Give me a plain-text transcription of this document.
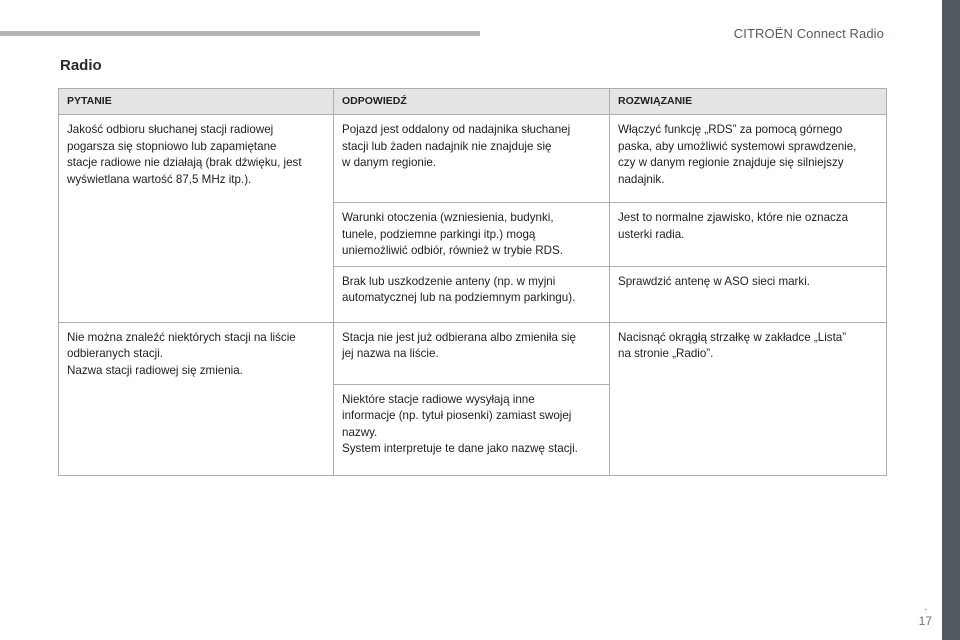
CITROËN Connect Radio
Radio
PYTANIE	ODPOWIEDŹ	ROZWIĄZANIE

Jakość odbioru słuchanej stacji radiowej
pogarsza się stopniowo lub zapamiętane
stacje radiowe nie działają (brak dźwięku, jest
wyświetlana wartość 87,5 MHz itp.).	Pojazd jest oddalony od nadajnika słuchanej
stacji lub żaden nadajnik nie znajduje się
w danym regionie.	Włączyć funkcję „RDS” za pomocą górnego
paska, aby umożliwić systemowi sprawdzenie,
czy w danym regionie znajduje się silniejszy
nadajnik.

	Warunki otoczenia (wzniesienia, budynki,
tunele, podziemne parkingi itp.) mogą
uniemożliwić odbiór, również w trybie RDS.	Jest to normalne zjawisko, które nie oznacza
usterki radia.

	Brak lub uszkodzenie anteny (np. w myjni
automatycznej lub na podziemnym parkingu).	Sprawdzić antenę w ASO sieci marki.

Nie można znaleźć niektórych stacji na liście
odbieranych stacji.
Nazwa stacji radiowej się zmienia.	Stacja nie jest już odbierana albo zmieniła się
jej nazwa na liście.	Nacisnąć okrągłą strzałkę w zakładce „Lista”
na stronie „Radio”.

	Niektóre stacje radiowe wysyłają inne
informacje (np. tytuł piosenki) zamiast swojej
nazwy.
System interpretuje te dane jako nazwę stacji.	
.
17
